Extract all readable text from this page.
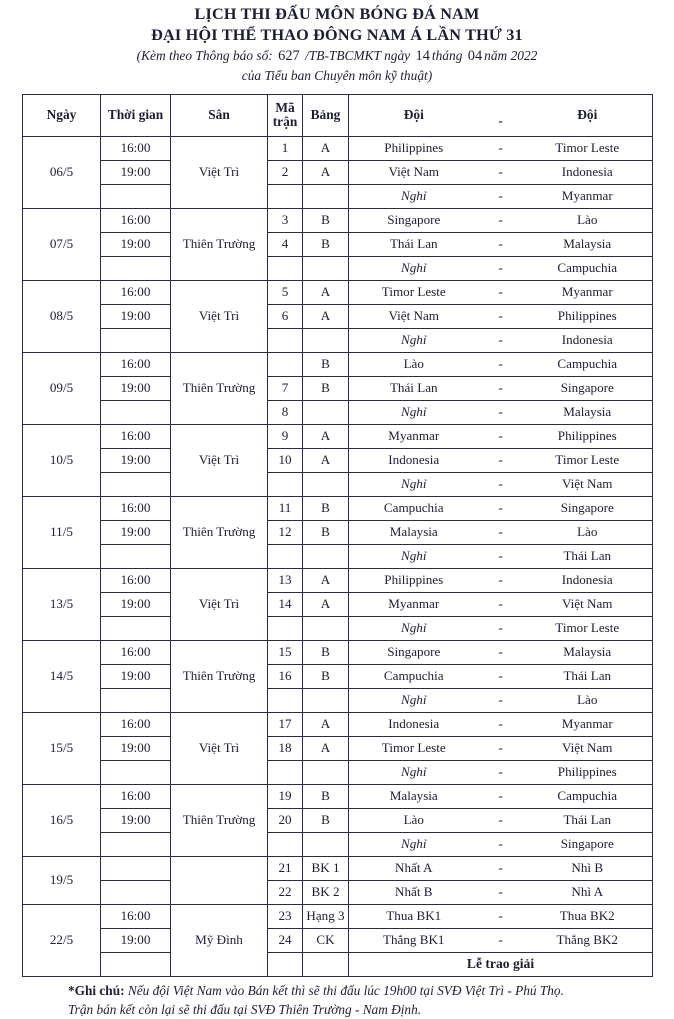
LỊCH THI ĐẤU MÔN BÓNG ĐÁ NAM
ĐẠI HỘI THỂ THAO ĐÔNG NAM Á LẦN THỨ 31
(Kèm theo Thông báo số: 627 /TB-TBCMKT ngày 14 tháng 04 năm 2022
của Tiểu ban Chuyên môn kỹ thuật)
Ngày	Thời gian	Sân	Mã trận	Bảng	Đội - Đội

06/5	16:00	Việt Trì	1	A	Philippines - Timor Leste

	19:00		2	A	Việt Nam - Indonesia

					Nghỉ - Myanmar

07/5	16:00	Thiên Trường	3	B	Singapore - Lào

	19:00		4	B	Thái Lan - Malaysia

					Nghỉ - Campuchia

08/5	16:00	Việt Trì	5	A	Timor Leste - Myanmar

	19:00		6	A	Việt Nam - Philippines

					Nghỉ - Indonesia

09/5	16:00	Thiên Trường		B	Lào - Campuchia

	19:00		7	B	Thái Lan - Singapore

			8		Nghỉ - Malaysia

10/5	16:00	Việt Trì	9	A	Myanmar - Philippines

	19:00		10	A	Indonesia - Timor Leste

					Nghỉ - Việt Nam

11/5	16:00	Thiên Trường	11	B	Campuchia - Singapore

	19:00		12	B	Malaysia - Lào

					Nghỉ - Thái Lan

13/5	16:00	Việt Trì	13	A	Philippines - Indonesia

	19:00		14	A	Myanmar - Việt Nam

					Nghỉ - Timor Leste

14/5	16:00	Thiên Trường	15	B	Singapore - Malaysia

	19:00		16	B	Campuchia - Thái Lan

					Nghỉ - Lào

15/5	16:00	Việt Trì	17	A	Indonesia - Myanmar

	19:00		18	A	Timor Leste - Việt Nam

					Nghỉ - Philippines

16/5	16:00	Thiên Trường	19	B	Malaysia - Campuchia

	19:00		20	B	Lào - Thái Lan

					Nghỉ - Singapore

19/5			21	BK 1	Nhất A - Nhì B

			22	BK 2	Nhất B - Nhì A

22/5	16:00	Mỹ Đình	23	Hạng 3	Thua BK1 - Thua BK2

	19:00		24	CK	Thắng BK1 - Thắng BK2

					Lễ trao giải
*Ghi chú: Nếu đội Việt Nam vào Bán kết thì sẽ thi đấu lúc 19h00 tại SVĐ Việt Trì - Phú Thọ.
Trận bán kết còn lại sẽ thi đấu tại SVĐ Thiên Trường - Nam Định.
